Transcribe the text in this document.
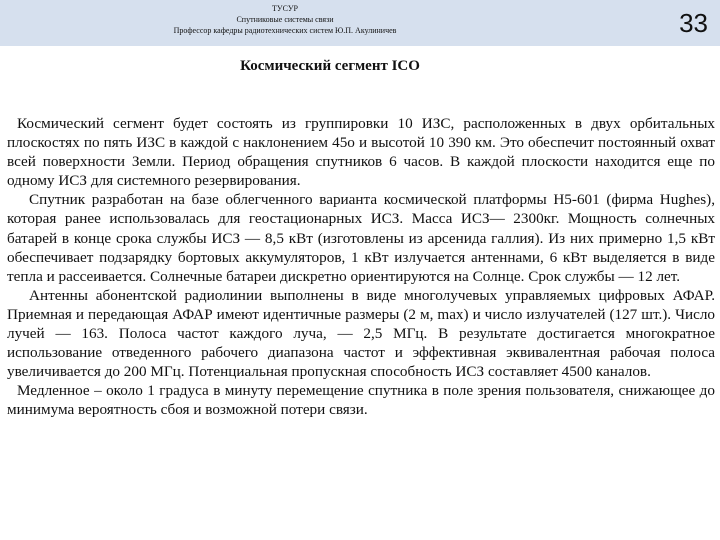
ТУСУР
Спутниковые системы связи
Профессор кафедры радиотехнических систем Ю.П. Акулиничев	33
Космический сегмент ICO

Космический сегмент будет состоять из группировки 10 ИЗС, расположенных в двух орбитальных плоскостях по пять ИЗС в каждой с наклонением 45о и высотой 10 390 км. Это обеспечит постоянный охват всей поверхности Земли. Период обращения спутников 6 часов. В каждой плоскости находится еще по одному ИСЗ для системного резервирования.

Спутник разработан на базе облегченного варианта космической платформы Н5-601 (фирма Hughes), которая ранее использовалась для геостационарных ИСЗ. Масса ИСЗ— 2300кг. Мощность солнечных батарей в конце срока службы ИСЗ — 8,5 кВт (изготовлены из арсенида галлия). Из них примерно 1,5 кВт обеспечивает подзарядку бортовых аккумуляторов, 1 кВт излучается антеннами, 6 кВт выделяется в виде тепла и рассеивается. Солнечные батареи дискретно ориентируются на Солнце. Срок службы — 12 лет.

Антенны абонентской радиолинии выполнены в виде многолучевых управляемых цифровых АФАР. Приемная и передающая АФАР имеют идентичные размеры (2 м, max) и число излучателей (127 шт.). Число лучей — 163. Полоса частот каждого луча, — 2,5 МГц. В результате достигается многократное использование отведенного рабочего диапазона частот и эффективная эквивалентная рабочая полоса увеличивается до 200 МГц. Потенциальная пропускная способность ИСЗ составляет 4500 каналов.

Медленное – около 1 градуса в минуту перемещение спутника в поле зрения пользователя, снижающее до минимума вероятность сбоя и возможной потери связи.
